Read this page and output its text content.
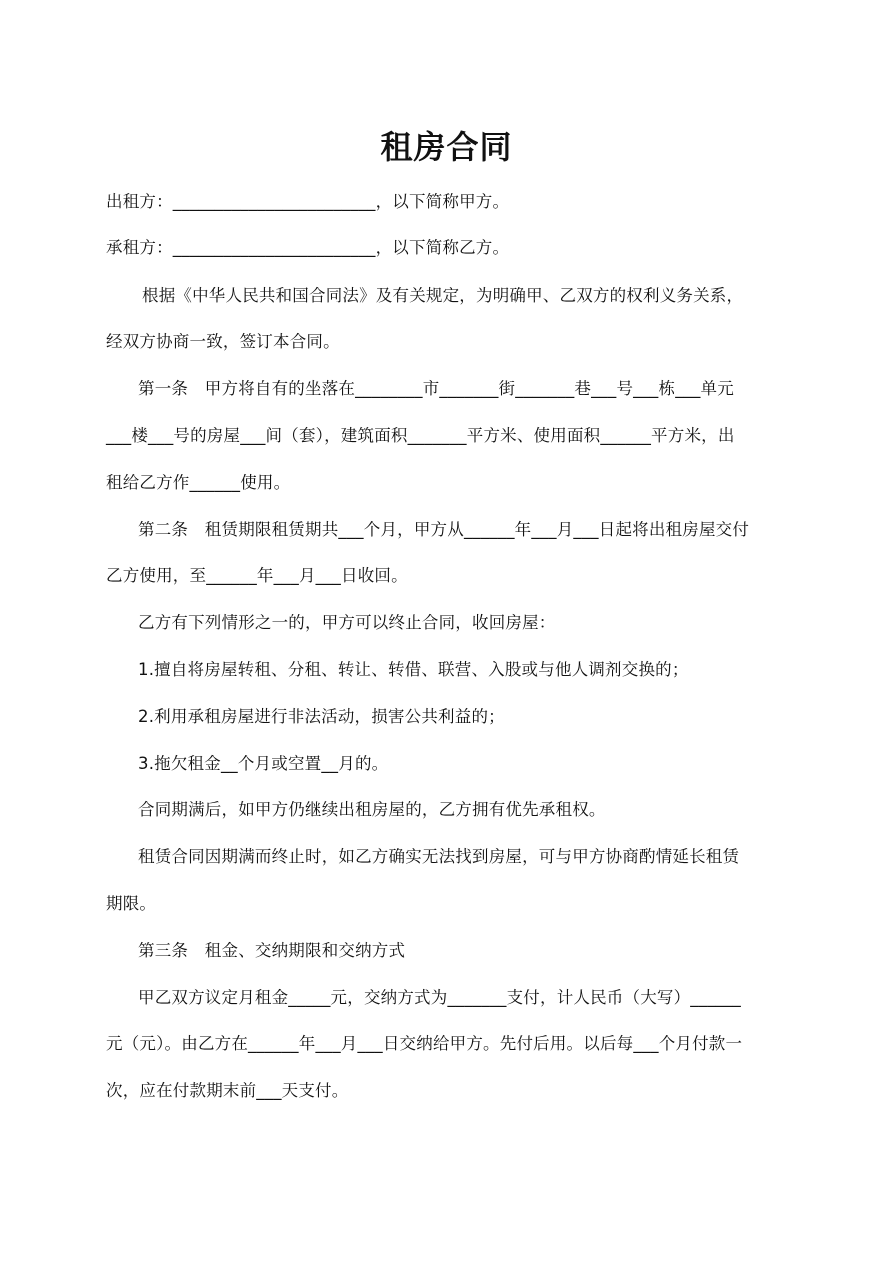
租房合同
出租方：________________________，以下简称甲方。
承租方：________________________，以下简称乙方。
根据《中华人民共和国合同法》及有关规定，为明确甲、乙双方的权利义务关系，
经双方协商一致，签订本合同。
第一条　甲方将自有的坐落在________市_______街_______巷___号___栋___单元
___楼___号的房屋___间（套），建筑面积_______平方米、使用面积______平方米，出
租给乙方作______使用。
第二条　租赁期限租赁期共___个月，甲方从______年___月___日起将出租房屋交付
乙方使用，至______年___月___日收回。
乙方有下列情形之一的，甲方可以终止合同，收回房屋：
1.擅自将房屋转租、分租、转让、转借、联营、入股或与他人调剂交换的；
2.利用承租房屋进行非法活动，损害公共利益的；
3.拖欠租金__个月或空置__月的。
合同期满后，如甲方仍继续出租房屋的，乙方拥有优先承租权。
租赁合同因期满而终止时，如乙方确实无法找到房屋，可与甲方协商酌情延长租赁
期限。
第三条　租金、交纳期限和交纳方式
甲乙双方议定月租金_____元，交纳方式为_______支付，计人民币（大写）______
元（元）。由乙方在______年___月___日交纳给甲方。先付后用。以后每___个月付款一
次，应在付款期末前___天支付。
